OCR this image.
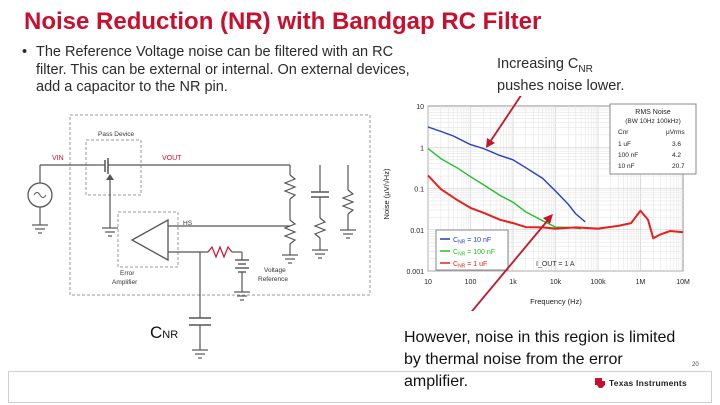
Noise Reduction (NR) with Bandgap RC Filter
• The Reference Voltage noise can be filtered with an RC filter. This can be external or internal. On external devices, add a capacitor to the NR pin.
Increasing $C_{NR}$
pushes noise lower.
Pass Device
VIN	VOUT
HS
Voltage
Reference
Error
Amplifier
CNR
10	100	1k	10k	100k	1M	10M
10
1
0.1
0.01
0.001
Noise (µV/√Hz)
Frequency (Hz)
RMS Noise
(BW 10Hz 100kHz)
Cnr	µVrms
1 uF	3.6
100 nF	4.2
10 nF	20.7
$C_{NR} = 10$ nF
$C_{NR} = 100$ nF
$C_{NR} = 1$ uF	I_OUT = 1 A
However, noise in this region is limited by thermal noise from the error amplifier.
20
Texas Instruments
